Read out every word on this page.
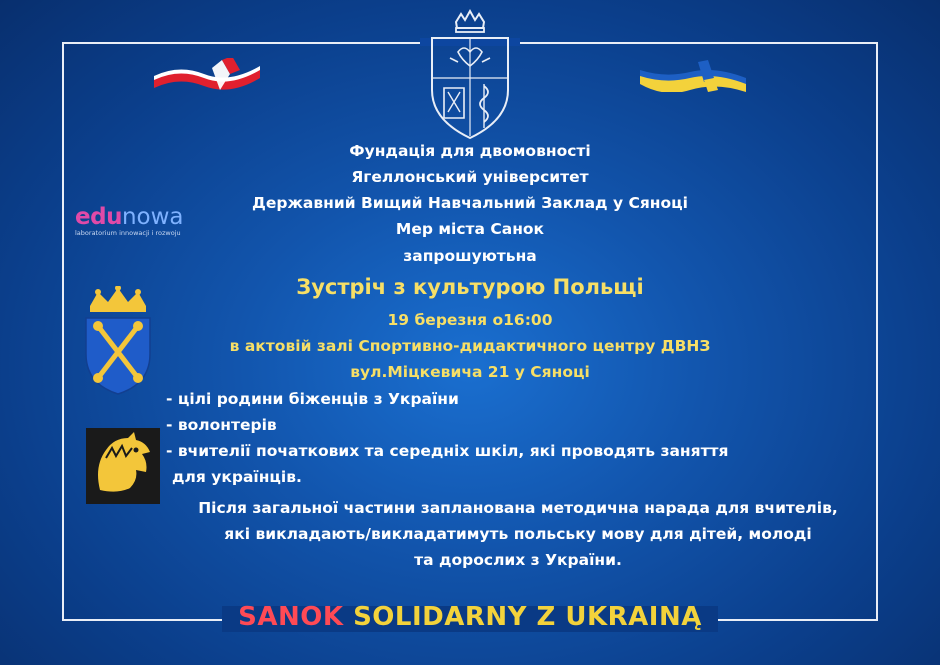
edunowa
laboratorium innowacji i rozwoju
Фундація для двомовності
Ягеллонський університет
Державний Вищий Навчальний Заклад у Сяноці
Мер міста Санок
запрошуютьна
Зустріч з культурою Польщі
19 березня о16:00
в актовій залі Спортивно-дидактичного центру ДВНЗ
вул.Міцкевича 21 у Сяноці
- цілі родини біженців з України
- волонтерів
- вчителії початкових та середніх шкіл, які проводять заняття
для українців.
Після загальної частини запланована методична нарада для вчителів,
які викладають/викладатимуть польську мову для дітей, молоді
та дорослих з України.
SANOK SOLIDARNY Z UKRAINĄ
